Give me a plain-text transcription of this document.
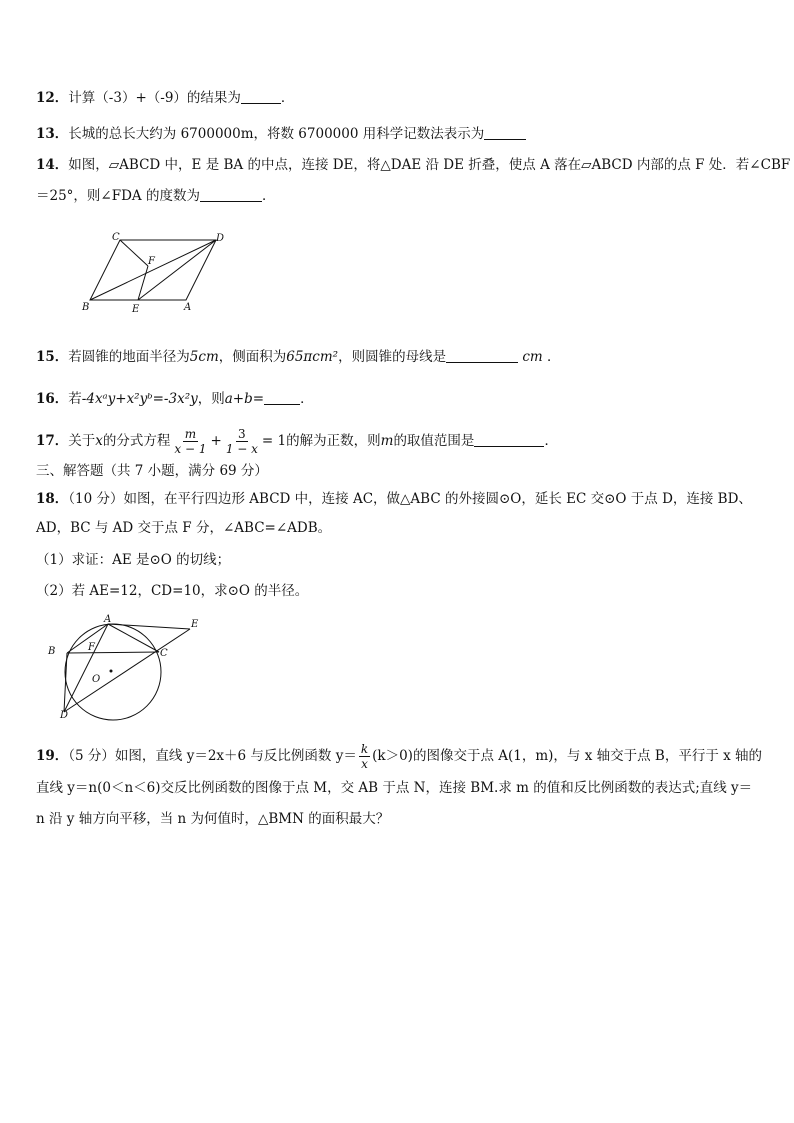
12．计算（-3）+（-9）的结果为	．
13．长城的总长大约为 6700000m，将数 6700000 用科学记数法表示为
14．如图，▱ABCD 中，E 是 BA 的中点，连接 DE，将△DAE 沿 DE 折叠，使点 A 落在▱ABCD 内部的点 F 处．若∠CBF
＝25°，则∠FDA 的度数为	．
C	D
F
B	E	A
15．若圆锥的地面半径为5cm，侧面积为65πcm²，则圆锥的母线是	cm ．
16．若-4xᵃy+x²yᵇ=-3x²y，则a+b=	．
17．关于x的分式方程 $\frac{m}{x - 1} + \frac{3}{1 - x} = 1$的解为正数，则m的取值范围是	．
三、解答题（共 7 小题，满分 69 分）
18．（10 分）如图，在平行四边形 ABCD 中，连接 AC，做△ABC 的外接圆⊙O，延长 EC 交⊙O 于点 D，连接 BD、
AD，BC 与 AD 交于点 F 分，∠ABC=∠ADB。
（1）求证：AE 是⊙O 的切线；
（2）若 AE=12，CD=10，求⊙O 的半径。
A	E
B	F
C
O
D
19．（5 分）如图，直线 y＝2x＋6 与反比例函数 $y= \frac{k}{x} (k>0)$的图像交于点 A(1，m)，与 x 轴交于点 B，平行于 x 轴的
直线 y＝n(0＜n＜6)交反比例函数的图像于点 M，交 AB 于点 N，连接 BM.求 m 的值和反比例函数的表达式;直线 y＝
n 沿 y 轴方向平移，当 n 为何值时，△BMN 的面积最大？
